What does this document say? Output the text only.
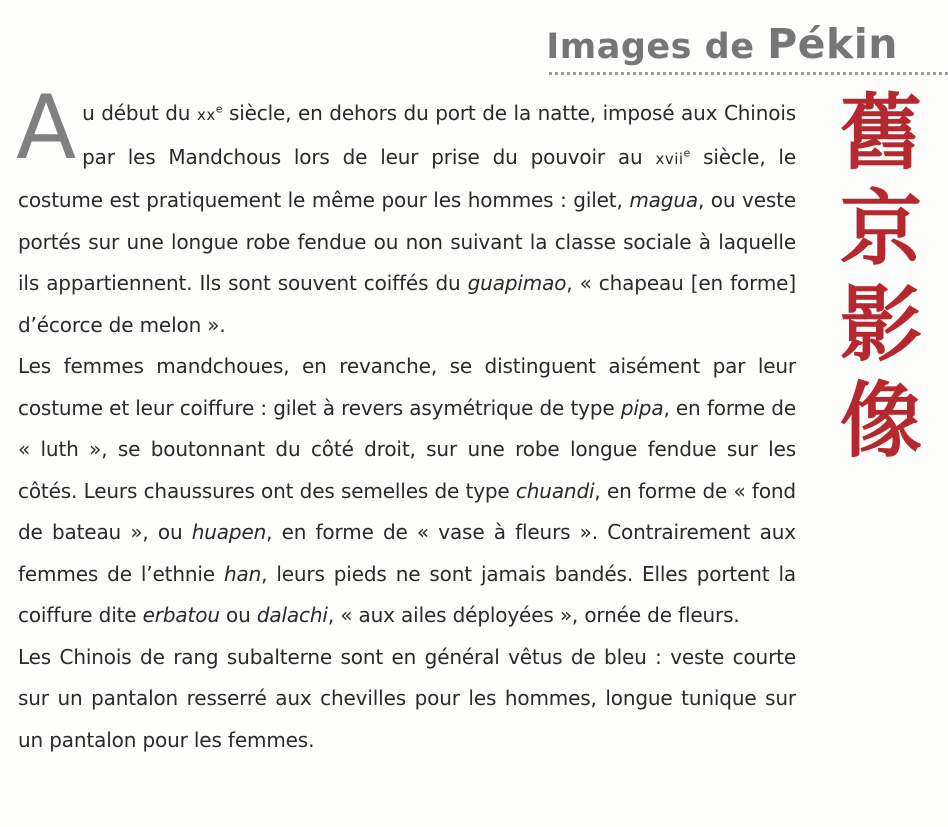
Images de Pékin
舊
京
影
像

Au début du $xx^e$ siècle, en dehors du port de la natte, imposé aux Chinois par les Mandchous lors de leur prise du pouvoir au xvii$^e$ siècle, le costume est pratiquement le même pour les hommes : gilet, magua, ou veste portés sur une longue robe fendue ou non suivant la classe sociale à laquelle ils appartiennent. Ils sont souvent coiffés du guapimao, « chapeau [en forme] d’écorce de melon ».

Les femmes mandchoues, en revanche, se distinguent aisément par leur costume et leur coiffure : gilet à revers asymétrique de type pipa, en forme de « luth », se boutonnant du côté droit, sur une robe longue fendue sur les côtés. Leurs chaussures ont des semelles de type chuandi, en forme de « fond de bateau », ou huapen, en forme de « vase à fleurs ». Contrairement aux femmes de l’ethnie han, leurs pieds ne sont jamais bandés. Elles portent la coiffure dite erbatou ou dalachi, « aux ailes déployées », ornée de fleurs.

Les Chinois de rang subalterne sont en général vêtus de bleu : veste courte sur un pantalon resserré aux chevilles pour les hommes, longue tunique sur un pantalon pour les femmes.
